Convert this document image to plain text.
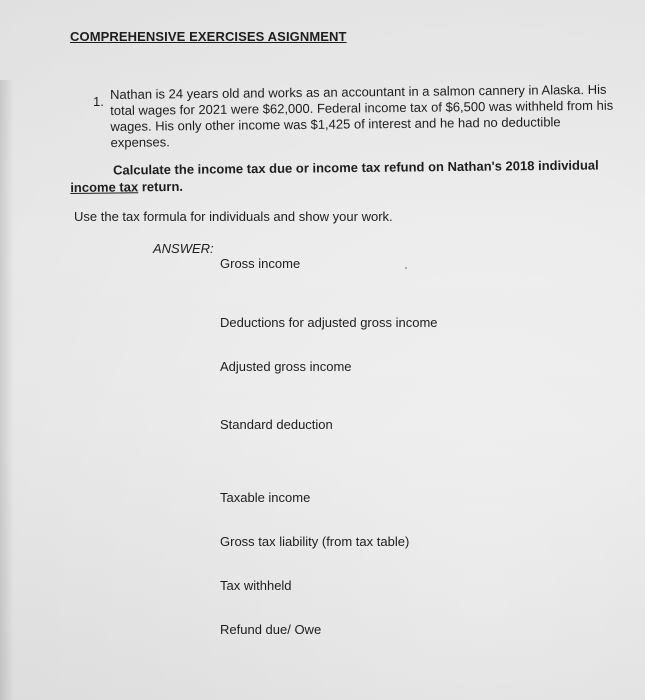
COMPREHENSIVE EXERCISES ASIGNMENT
1. Nathan is 24 years old and works as an accountant in a salmon cannery in Alaska. His
total wages for 2021 were $62,000. Federal income tax of $6,500 was withheld from his
wages. His only other income was $1,425 of interest and he had no deductible
expenses.
Calculate the income tax due or income tax refund on Nathan's 2018 individual
income tax return.
Use the tax formula for individuals and show your work.
ANSWER:
Gross income
Deductions for adjusted gross income
Adjusted gross income
Standard deduction
Taxable income
Gross tax liability (from tax table)
Tax withheld
Refund due/ Owe
